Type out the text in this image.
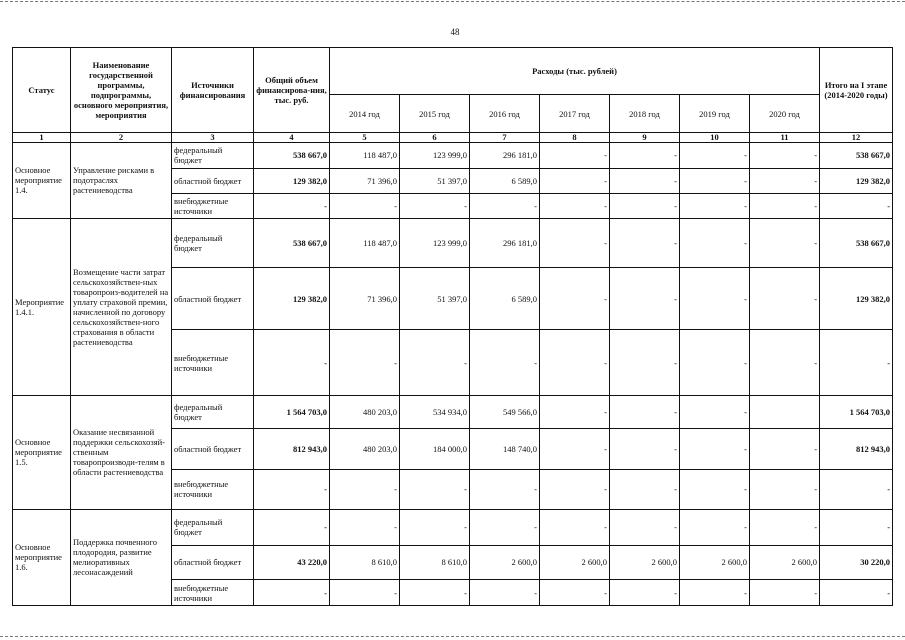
48
Статус	Наименование государственной программы, подпрограммы, основного мероприятия, мероприятия	Источники финансирования	Общий объем финансирова-ния, тыс. руб.	Расходы (тыс. рублей)							Итого на I этапе (2014-2020 годы)
				2014 год	2015 год	2016 год	2017 год	2018 год	2019 год	2020 год	
1	2	3	4	5	6	7	8	9	10	11	12
Основное мероприятие 1.4.	Управление рисками в подотраслях растениеводства	федеральный бюджет	538 667,0	118 487,0	123 999,0	296 181,0	-	-	-	-	538 667,0
		областной бюджет	129 382,0	71 396,0	51 397,0	6 589,0	-	-	-	-	129 382,0
		внебюджетные источники	-	-	-	-	-	-	-	-	-
Мероприятие 1.4.1.	Возмещение части затрат сельскохозяйствен-ных товаропроиз-водителей на уплату страховой премии, начисленной по договору сельскохозяйствен-ного страхования в области растениеводства	федеральный бюджет	538 667,0	118 487,0	123 999,0	296 181,0	-	-	-	-	538 667,0
		областной бюджет	129 382,0	71 396,0	51 397,0	6 589,0	-	-	-	-	129 382,0
		внебюджетные источники	-	-	-	-	-	-	-	-	-
Основное мероприятие 1.5.	Оказание несвязанной поддержки сельскохозяй-ственным товаропроизводи-телям в области растениеводства	федеральный бюджет	1 564 703,0	480 203,0	534 934,0	549 566,0	-	-	-		1 564 703,0
		областной бюджет	812 943,0	480 203,0	184 000,0	148 740,0	-	-	-	-	812 943,0
		внебюджетные источники	-	-	-	-	-	-	-	-	-
Основное мероприятие 1.6.	Поддержка почвенного плодородия, развитие мелиоративных лесонасаждений	федеральный бюджет	-	-	-	-	-	-	-	-	-
		областной бюджет	43 220,0	8 610,0	8 610,0	2 600,0	2 600,0	2 600,0	2 600,0	2 600,0	30 220,0
		внебюджетные источники	-	-	-	-	-	-	-	-	-
